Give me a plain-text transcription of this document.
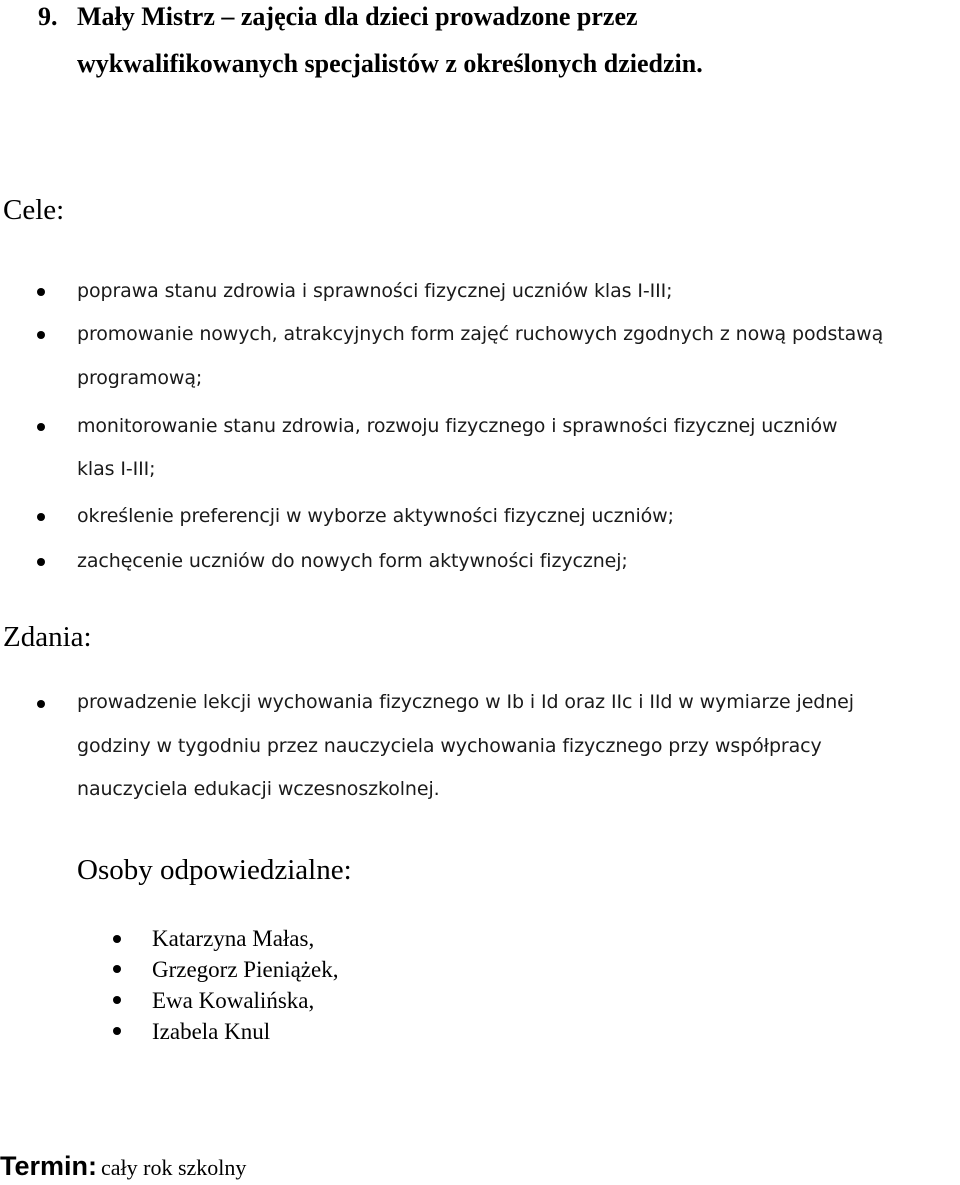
9. Mały Mistrz – zajęcia dla dzieci prowadzone przez
wykwalifikowanych specjalistów z określonych dziedzin.
Cele:
poprawa stanu zdrowia i sprawności fizycznej uczniów klas I-III;
promowanie nowych, atrakcyjnych form zajęć ruchowych zgodnych z nową podstawą
programową;
monitorowanie stanu zdrowia, rozwoju fizycznego i sprawności fizycznej uczniów
klas I-III;
określenie preferencji w wyborze aktywności fizycznej uczniów;
zachęcenie uczniów do nowych form aktywności fizycznej;
Zdania:
prowadzenie lekcji wychowania fizycznego w Ib i Id oraz IIc i IId w wymiarze jednej
godziny w tygodniu przez nauczyciela wychowania fizycznego przy współpracy
nauczyciela edukacji wczesnoszkolnej.
Osoby odpowiedzialne:
Katarzyna Małas,
Grzegorz Pieniążek,
Ewa Kowalińska,
Izabela Knul
Termin: cały rok szkolny
